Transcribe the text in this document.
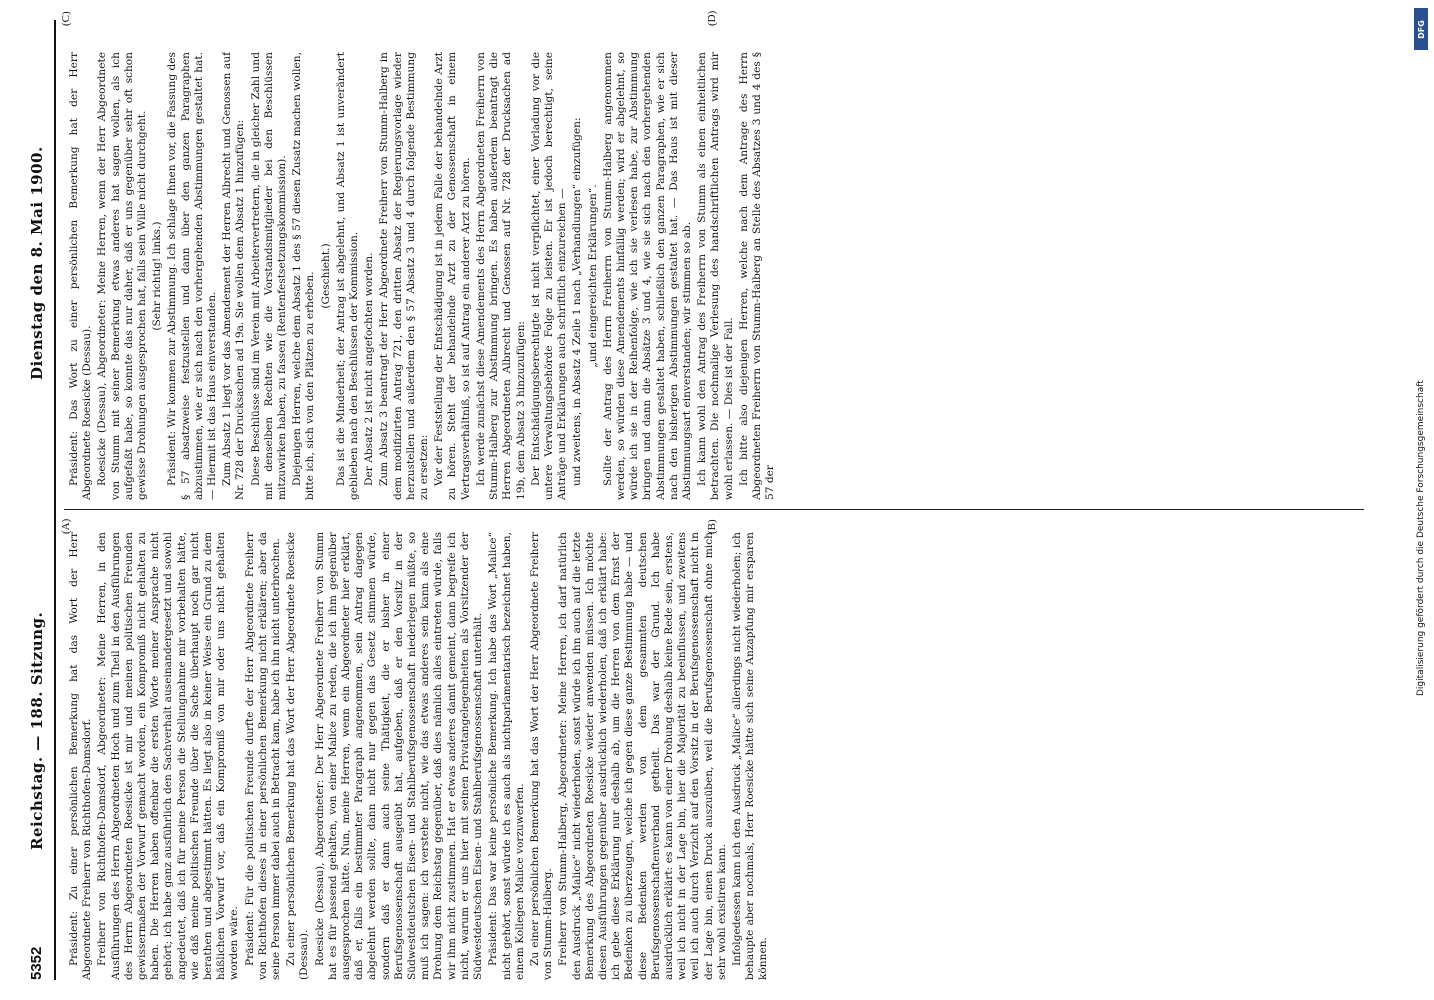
5352
Reichstag. — 188. Sitzung.
Dienstag den 8. Mai 1900.
(A)	(B)
(C)	(D)

Präsident: Zu einer persönlichen Bemerkung hat das Wort der Herr Abgeordnete Freiherr von Richthofen-Damsdorf. Freiherr von Richthofen-Damsdorf, Abgeordneter: Meine Herren, in den Ausführungen des Herrn Abgeordneten Hoch und zum Theil in den Ausführungen des Herrn Abgeordneten Roesicke ist mir und meinen politischen Freunden gewissermaßen der Vorwurf gemacht worden, ein Kompromiß nicht gehalten zu haben. Die Herren haben offenbar die ersten Worte meiner Ansprache nicht gehört; ich habe ganz ausführlich den Sachverhalt auseinandergesetzt und sowohl angedeutet, daß ich für meine Person die Stellungnahme mir vorbehalten hätte, wie daß meine politischen Freunde über die Sache überhaupt noch gar nicht berathen und abgestimmt hätten. Es liegt also in keiner Weise ein Grund zu dem häßlichen Vorwurf vor, daß ein Kompromiß von mir oder uns nicht gehalten worden wäre. Präsident: Für die politischen Freunde durfte der Herr Abgeordnete Freiherr von Richthofen dieses in einer persönlichen Bemerkung nicht erklären; aber da seine Person immer dabei auch in Betracht kam, habe ich ihn nicht unterbrochen. Zu einer persönlichen Bemerkung hat das Wort der Herr Abgeordnete Roesicke (Dessau). Roesicke (Dessau), Abgeordneter: Der Herr Abgeordnete Freiherr von Stumm hat es für passend gehalten, von einer Malice zu reden, die ich ihm gegenüber ausgesprochen hätte. Nun, meine Herren, wenn ein Abgeordneter hier erklärt, daß er, falls ein bestimmter Paragraph angenommen, sein Antrag dagegen abgelehnt werden sollte, dann nicht nur gegen das Gesetz stimmen würde, sondern daß er dann auch seine Thätigkeit, die er bisher in einer Berufsgenossenschaft ausgeübt hat, aufgeben, daß er den Vorsitz in der Südwestdeutschen Eisen- und Stahlberufsgenossenschaft niederlegen müßte, so muß ich sagen: ich verstehe nicht, wie das etwas anderes sein kann als eine Drohung dem Reichstag gegenüber, daß dies nämlich alles eintreten würde, falls wir ihm nicht zustimmen. Hat er etwas anderes damit gemeint, dann begreife ich nicht, warum er uns hier mit seinen Privatangelegenheiten als Vorsitzender der Südwestdeutschen Eisen- und Stahlberufsgenossenschaft unterhält. Präsident: Das war keine persönliche Bemerkung. Ich habe das Wort „Malice“ nicht gehört, sonst würde ich es auch als nichtparlamentarisch bezeichnet haben, einem Kollegen Malice vorzuwerfen. Zu einer persönlichen Bemerkung hat das Wort der Herr Abgeordnete Freiherr von Stumm-Halberg. Freiherr von Stumm-Halberg, Abgeordneter: Meine Herren, ich darf natürlich den Ausdruck „Malice“ nicht wiederholen, sonst würde ich ihn auch auf die letzte Bemerkung des Abgeordneten Roesicke wieder anwenden müssen. Ich möchte diesen Ausführungen gegenüber ausdrücklich wiederholen, daß ich erklärt habe: ich gebe diese Erklärung nur deshalb ab, um die Herren von dem Ernst der Bedenken zu überzeugen, welche ich gegen diese ganze Bestimmung habe — und diese Bedenken werden von dem gesammten deutschen Berufsgenossenschaftenverband getheilt. Das war der Grund. Ich habe ausdrücklich erklärt: es kann von einer Drohung deshalb keine Rede sein, erstens, weil ich nicht in der Lage bin, hier die Majorität zu beeinflussen, und zweitens weil ich auch durch Verzicht auf den Vorsitz in der Berufsgenossenschaft nicht in der Lage bin, einen Druck auszuüben, weil die Berufsgenossenschaft ohne mich sehr wohl existiren kann. Infolgedessen kann ich den Ausdruck „Malice“ allerdings nicht wiederholen; ich behaupte aber nochmals, Herr Roesicke hätte sich seine Anzapfung mir ersparen können.

Präsident: Das Wort zu einer persönlichen Bemerkung hat der Herr Abgeordnete Roesicke (Dessau). Roesicke (Dessau), Abgeordneter: Meine Herren, wenn der Herr Abgeordnete von Stumm mit seiner Bemerkung etwas anderes hat sagen wollen, als ich aufgefaßt habe, so konnte das nur daher, daß er uns gegenüber sehr oft schon gewisse Drohungen ausgesprochen hat, falls sein Wille nicht durchgeht. (Sehr richtig! links.) Präsident: Wir kommen zur Abstimmung. Ich schlage Ihnen vor, die Fassung des § 57 absatzweise festzustellen und dann über den ganzen Paragraphen abzustimmen, wie er sich nach den vorhergehenden Abstimmungen gestaltet hat. — Hiermit ist das Haus einverstanden. Zum Absatz 1 liegt vor das Amendement der Herren Albrecht und Genossen auf Nr. 728 der Drucksachen ad 19a. Sie wollen dem Absatz 1 hinzufügen: Diese Beschlüsse sind im Verein mit Arbeitervertretern, die in gleicher Zahl und mit denselben Rechten wie die Vorstandsmitglieder bei den Beschlüssen mitzuwirken haben, zu fassen (Rentenfestsetzungskommission). Diejenigen Herren, welche dem Absatz 1 des § 57 diesen Zusatz machen wollen, bitte ich, sich von den Plätzen zu erheben. (Geschieht.) Das ist die Minderheit; der Antrag ist abgelehnt, und Absatz 1 ist unverändert geblieben nach den Beschlüssen der Kommission. Der Absatz 2 ist nicht angefochten worden. Zum Absatz 3 beantragt der Herr Abgeordnete Freiherr von Stumm-Halberg in dem modifizirten Antrag 721, den dritten Absatz der Regierungsvorlage wieder herzustellen und außerdem den § 57 Absatz 3 und 4 durch folgende Bestimmung zu ersetzen: Vor der Feststellung der Entschädigung ist in jedem Falle der behandelnde Arzt zu hören. Steht der behandelnde Arzt zu der Genossenschaft in einem Vertragsverhältniß, so ist auf Antrag ein anderer Arzt zu hören. Ich werde zunächst diese Amendements des Herrn Abgeordneten Freiherrn von Stumm-Halberg zur Abstimmung bringen. Es haben außerdem beantragt die Herren Abgeordneten Albrecht und Genossen auf Nr. 728 der Drucksachen ad 19b, dem Absatz 3 hinzuzufügen: Der Entschädigungsberechtigte ist nicht verpflichtet, einer Vorladung vor die untere Verwaltungsbehörde Folge zu leisten. Er ist jedoch berechtigt, seine Anträge und Erklärungen auch schriftlich einzureichen — und zweitens, in Absatz 4 Zeile 1 nach „Verhandlungen“ einzufügen: „und eingereichten Erklärungen“. Sollte der Antrag des Herrn Freiherrn von Stumm-Halberg angenommen werden, so würden diese Amendements hinfällig werden; wird er abgelehnt, so würde ich sie in der Reihenfolge, wie ich sie verlesen habe, zur Abstimmung bringen und dann die Absätze 3 und 4, wie sie sich nach den vorhergehenden Abstimmungen gestaltet haben, schließlich den ganzen Paragraphen, wie er sich nach den bisherigen Abstimmungen gestaltet hat. — Das Haus ist mit dieser Abstimmungsart einverstanden; wir stimmen so ab. Ich kann wohl den Antrag des Freiherrn von Stumm als einen einheitlichen betrachten. Die nochmalige Verlesung des handschriftlichen Antrags wird mir wohl erlassen. — Dies ist der Fall. Ich bitte also diejenigen Herren, welche nach dem Antrage des Herrn Abgeordneten Freiherrn von Stumm-Halberg an Stelle des Absatzes 3 und 4 des § 57 der

DFG
Digitalisierung gefördert durch die Deutsche Forschungsgemeinschaft
